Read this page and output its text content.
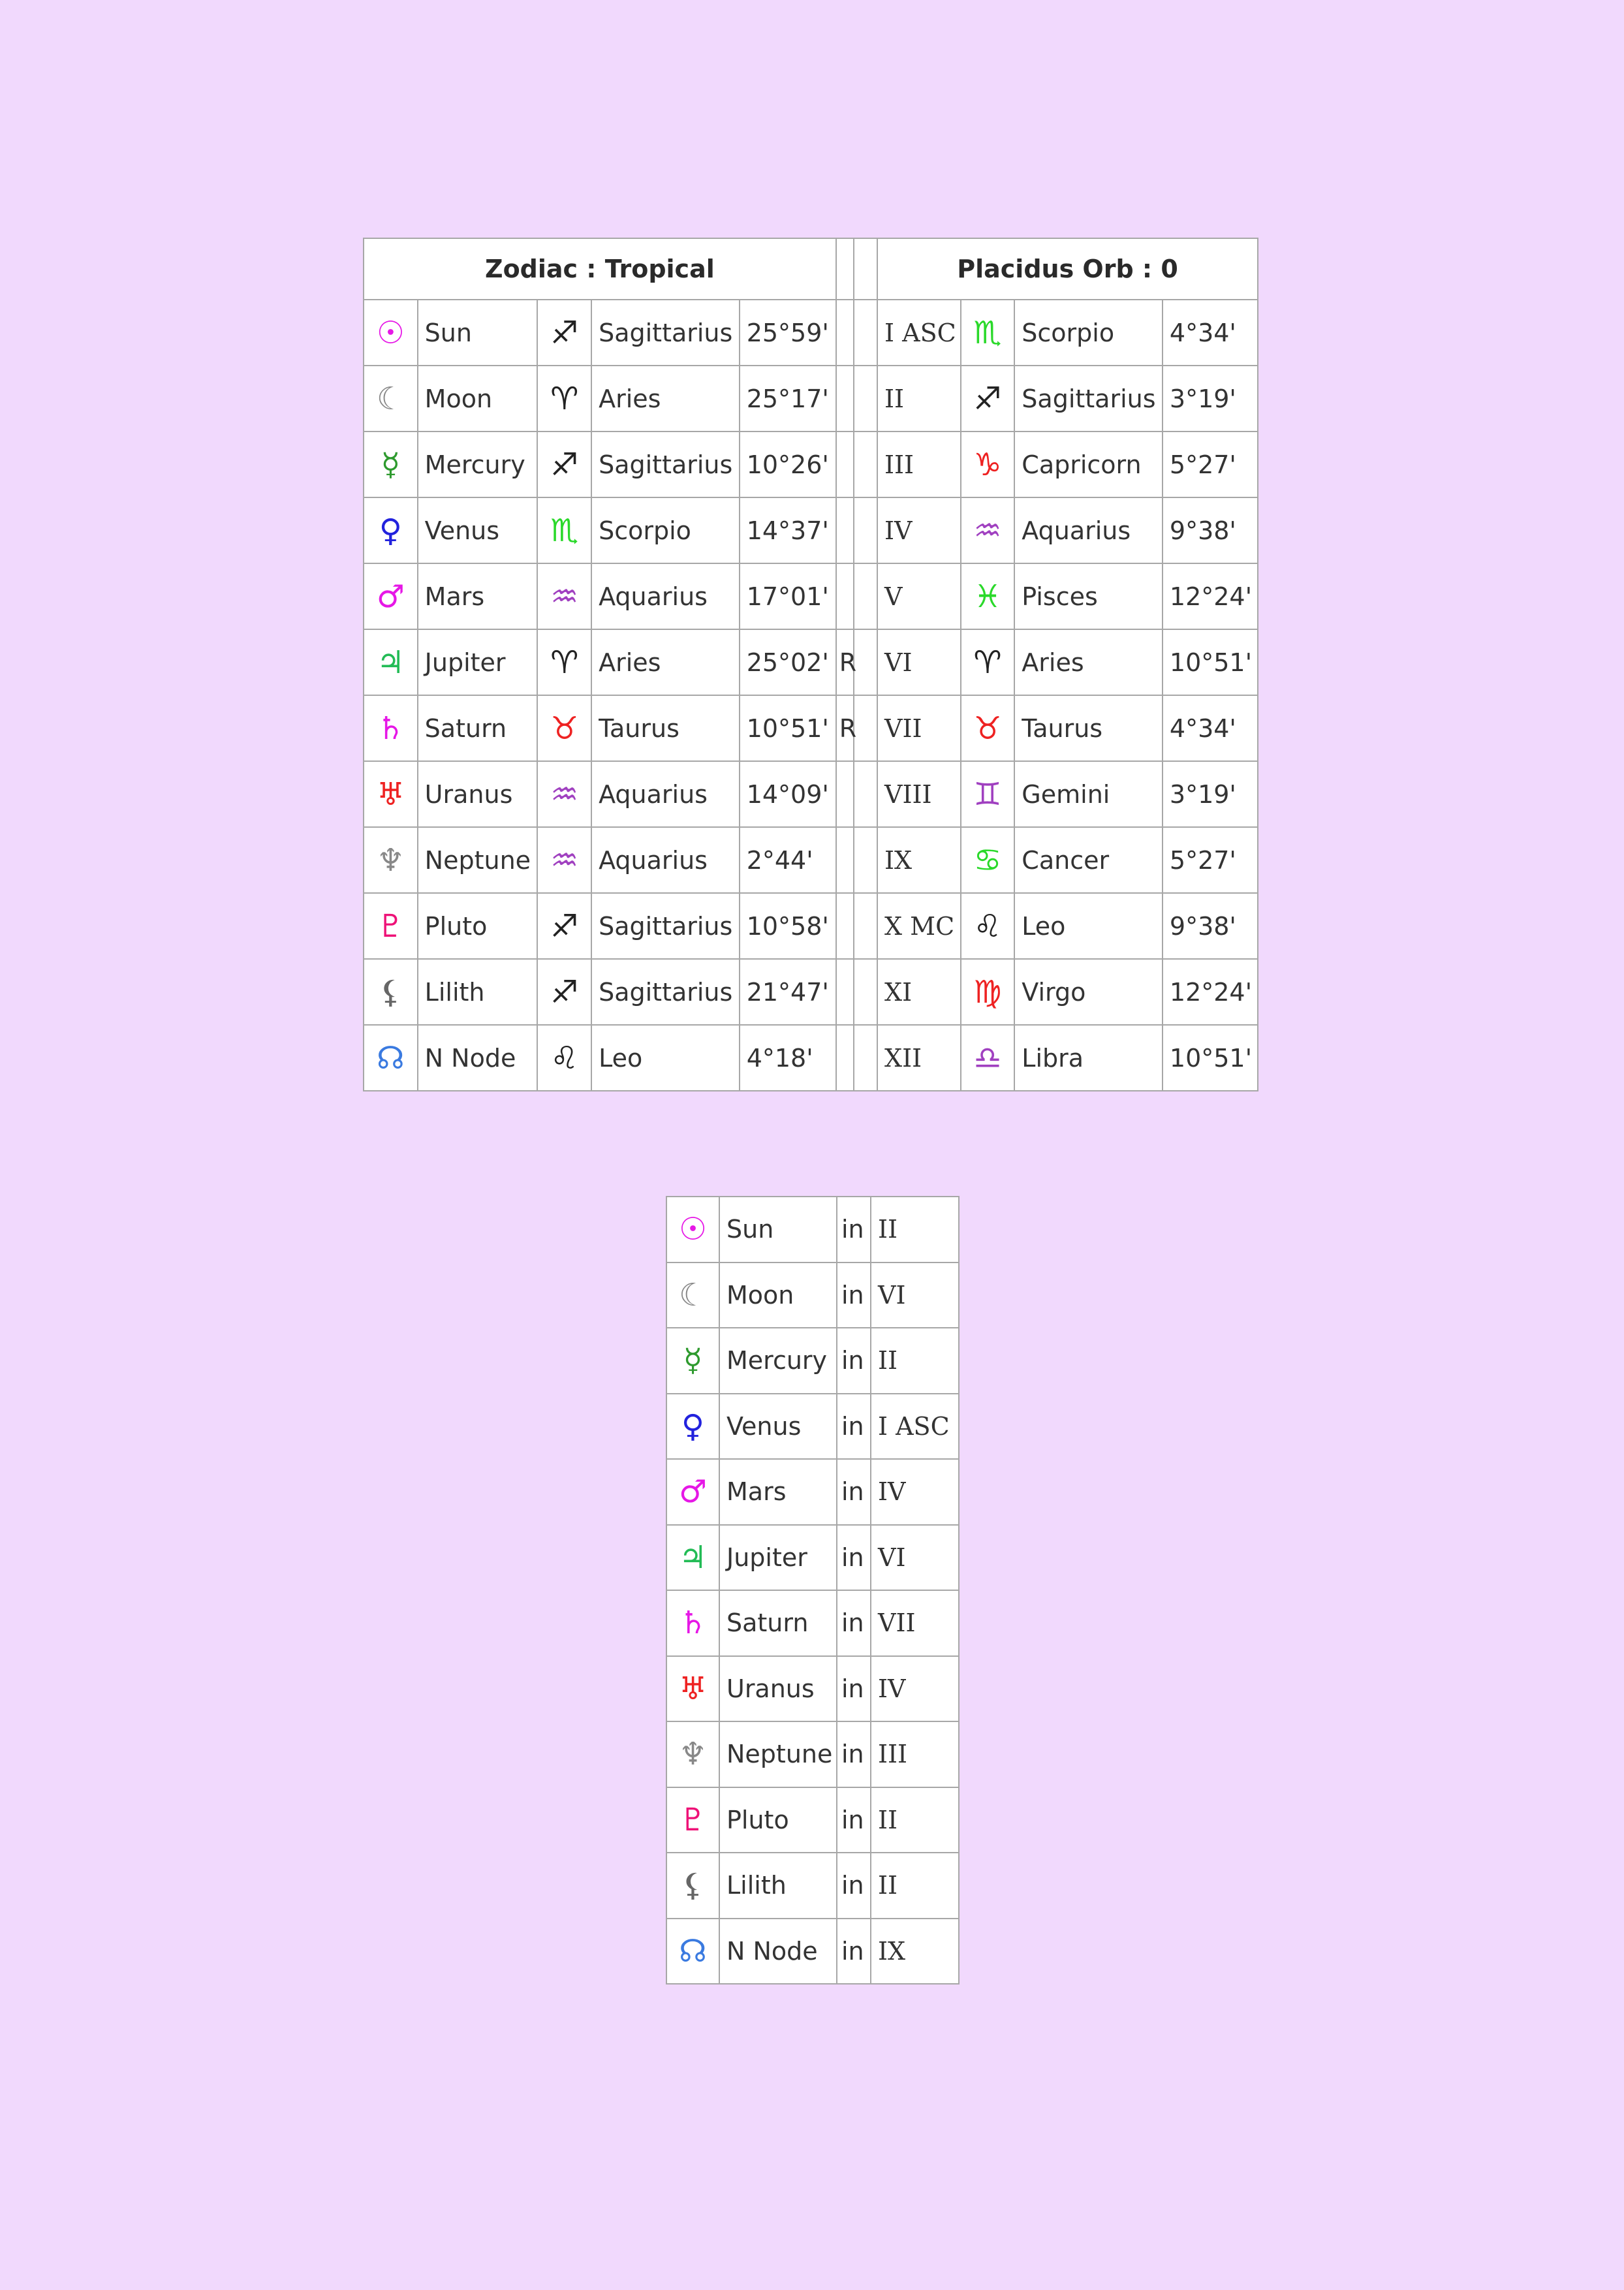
Zodiac : Tropical							Placidus Orb : 0			
☉	Sun	♐	Sagittarius	25°59'			I ASC	♏	Scorpio	4°34'
☾	Moon	♈	Aries	25°17'			II	♐	Sagittarius	3°19'
☿	Mercury	♐	Sagittarius	10°26'			III	♑	Capricorn	5°27'
♀	Venus	♏	Scorpio	14°37'			IV	♒	Aquarius	9°38'
♂	Mars	♒	Aquarius	17°01'			V	♓	Pisces	12°24'
♃	Jupiter	♈	Aries	25°02'	R		VI	♈	Aries	10°51'
♄	Saturn	♉	Taurus	10°51'	R		VII	♉	Taurus	4°34'
♅	Uranus	♒	Aquarius	14°09'			VIII	♊	Gemini	3°19'
♆	Neptune	♒	Aquarius	2°44'			IX	♋	Cancer	5°27'
♇	Pluto	♐	Sagittarius	10°58'			X MC	♌	Leo	9°38'
⚸	Lilith	♐	Sagittarius	21°47'			XI	♍	Virgo	12°24'
☊	N Node	♌	Leo	4°18'			XII	♎	Libra	10°51'
☉	Sun	in	II
☾	Moon	in	VI
☿	Mercury	in	II
♀	Venus	in	I ASC
♂	Mars	in	IV
♃	Jupiter	in	VI
♄	Saturn	in	VII
♅	Uranus	in	IV
♆	Neptune	in	III
♇	Pluto	in	II
⚸	Lilith	in	II
☊	N Node	in	IX
